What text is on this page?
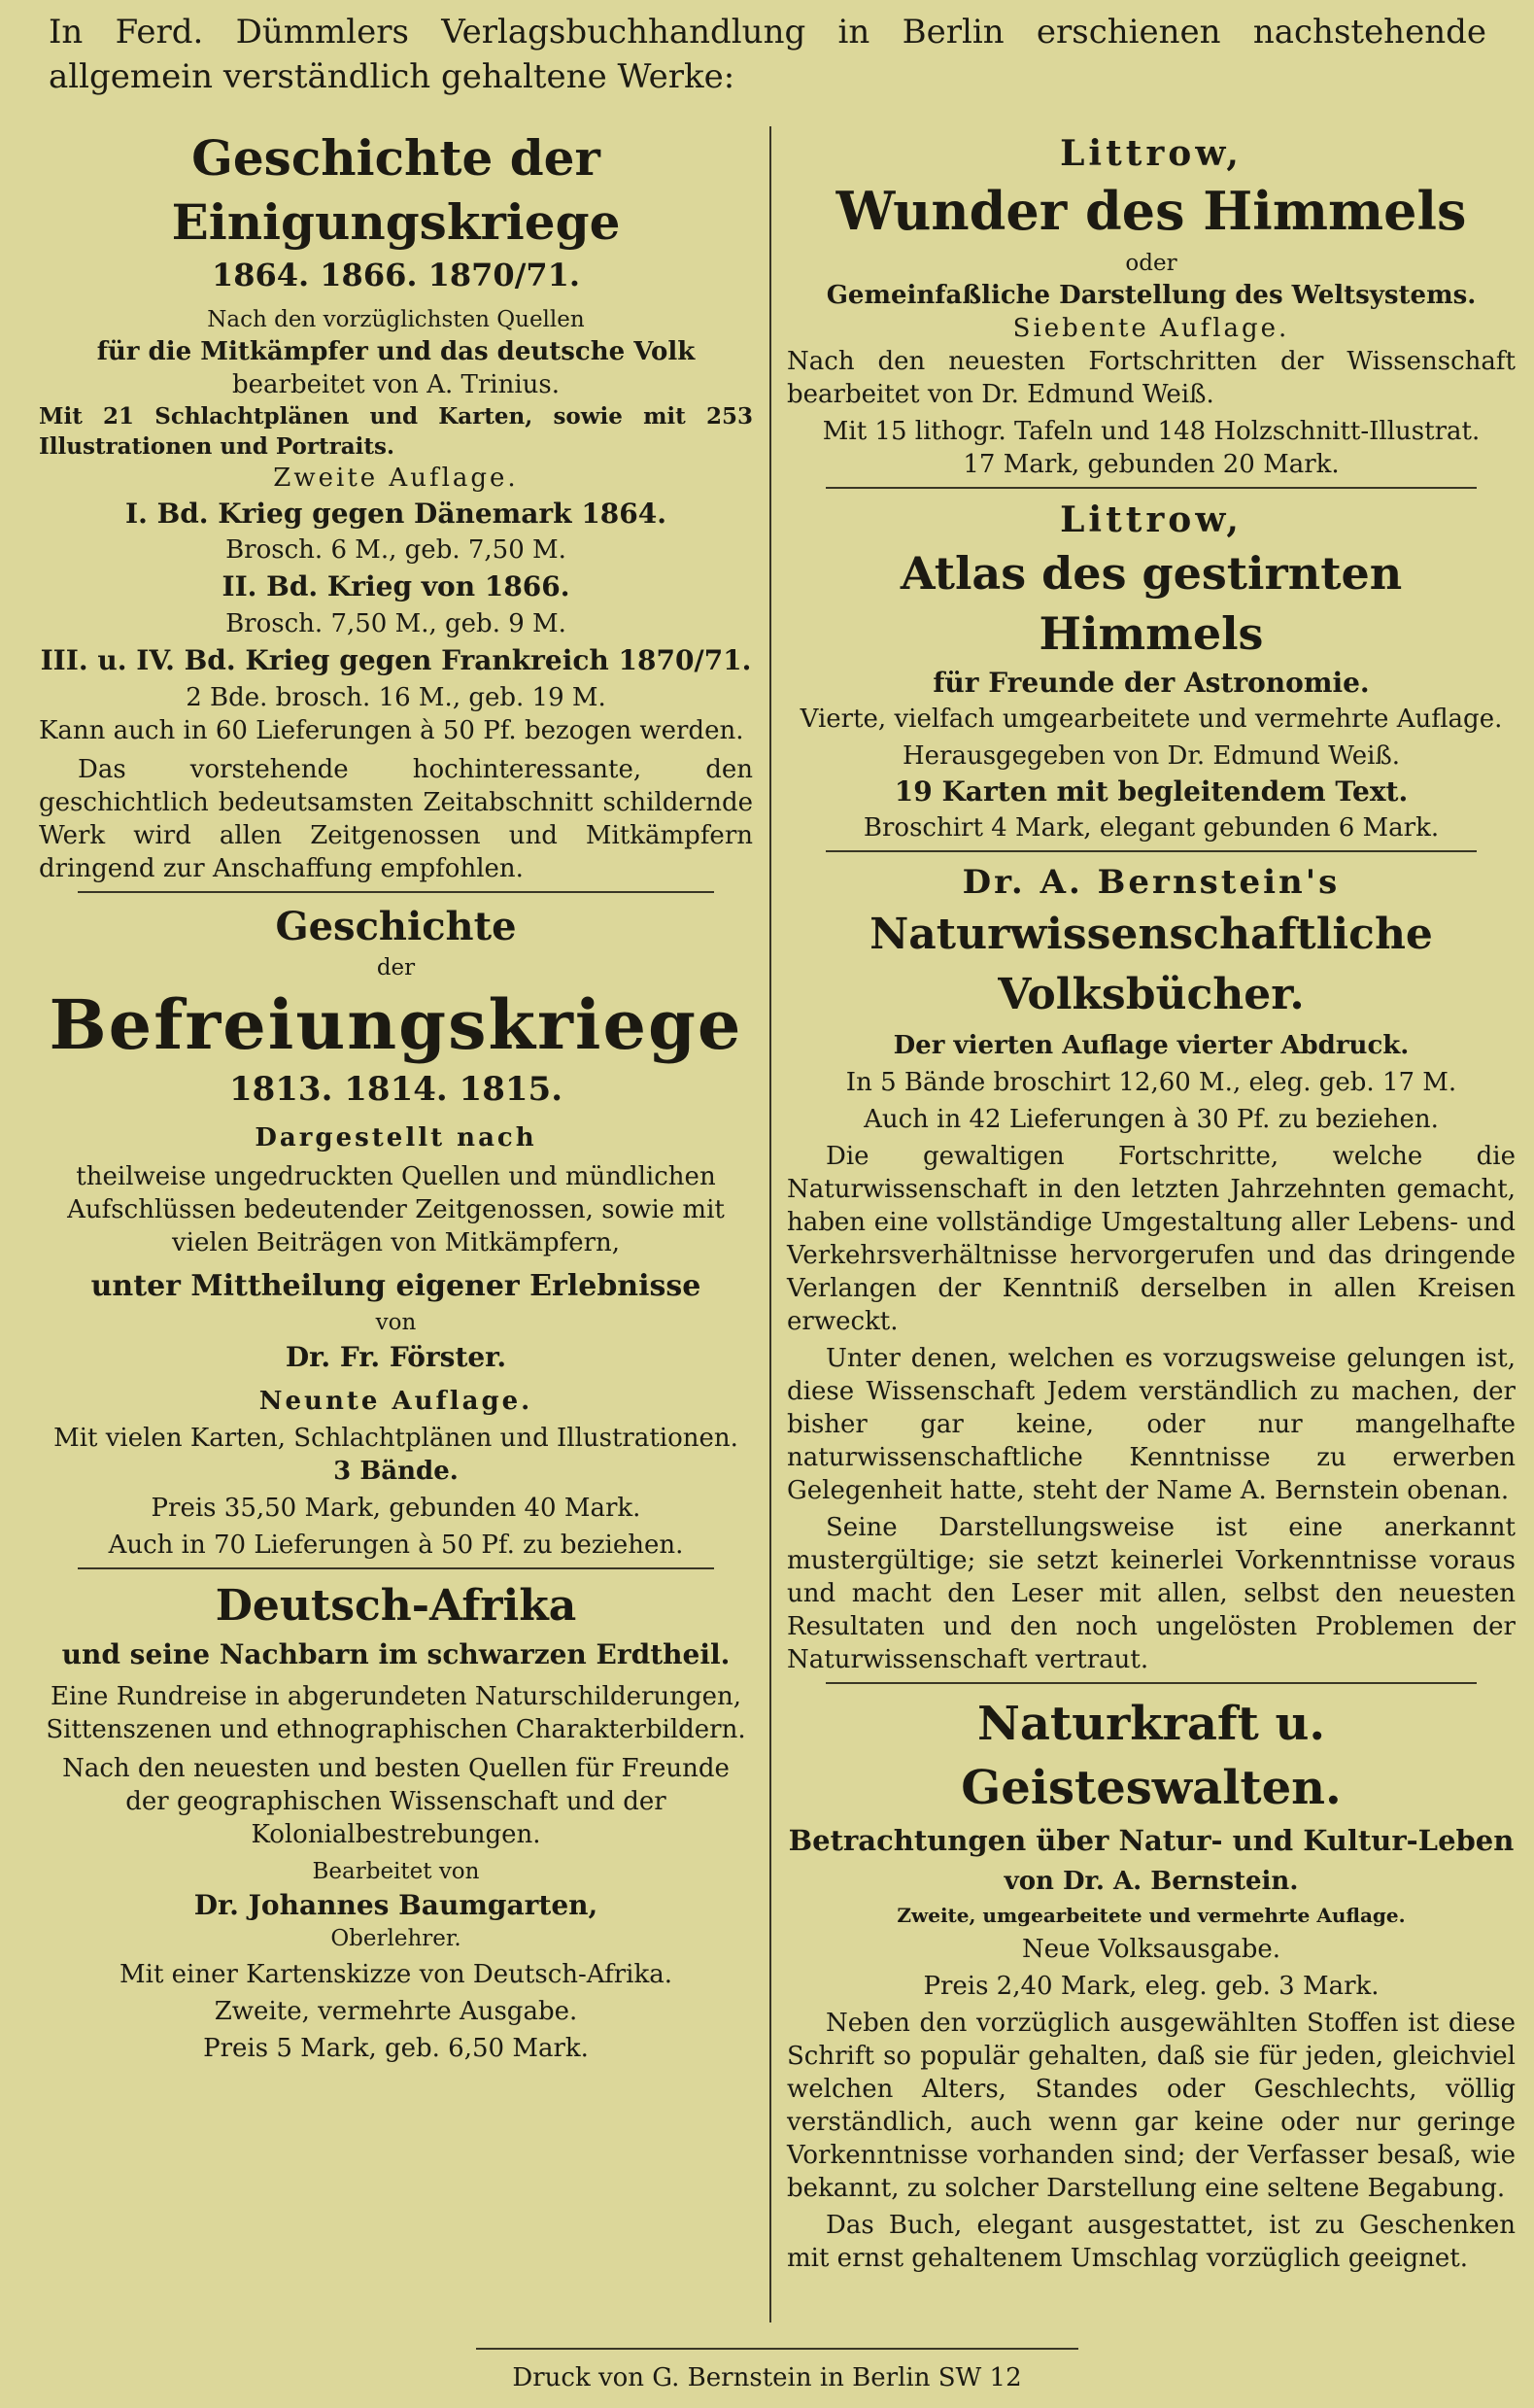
In Ferd. Dümmlers Verlagsbuchhandlung in Berlin erschienen nachstehende allgemein verständlich gehaltene Werke:
Geschichte der Einigungskriege
1864. 1866. 1870/71.
Nach den vorzüglichsten Quellen
für die Mitkämpfer und das deutsche Volk
bearbeitet von A. Trinius.
Mit 21 Schlachtplänen und Karten, sowie mit 253 Illustrationen und Portraits.
Zweite Auflage.
I. Bd. Krieg gegen Dänemark 1864.
Brosch. 6 M., geb. 7,50 M.
II. Bd. Krieg von 1866.
Brosch. 7,50 M., geb. 9 M.
III. u. IV. Bd. Krieg gegen Frankreich 1870/71.
2 Bde. brosch. 16 M., geb. 19 M.
Kann auch in 60 Lieferungen à 50 Pf. bezogen werden.
Das vorstehende hochinteressante, den geschichtlich bedeutsamsten Zeitabschnitt schildernde Werk wird allen Zeitgenossen und Mitkämpfern dringend zur Anschaffung empfohlen.
Geschichte
der
Befreiungskriege
1813. 1814. 1815.
Dargestellt nach
theilweise ungedruckten Quellen und mündlichen Aufschlüssen bedeutender Zeitgenossen, sowie mit vielen Beiträgen von Mitkämpfern,
unter Mittheilung eigener Erlebnisse
von
Dr. Fr. Förster.
Neunte Auflage.
Mit vielen Karten, Schlachtplänen und Illustrationen.
3 Bände.
Preis 35,50 Mark, gebunden 40 Mark.
Auch in 70 Lieferungen à 50 Pf. zu beziehen.
Deutsch-Afrika
und seine Nachbarn im schwarzen Erdtheil.
Eine Rundreise in abgerundeten Naturschilderungen, Sittenszenen und ethnographischen Charakterbildern.
Nach den neuesten und besten Quellen für Freunde der geographischen Wissenschaft und der Kolonialbestrebungen.
Bearbeitet von
Dr. Johannes Baumgarten,
Oberlehrer.
Mit einer Kartenskizze von Deutsch-Afrika.
Zweite, vermehrte Ausgabe.
Preis 5 Mark, geb. 6,50 Mark.
Littrow,
Wunder des Himmels
oder
Gemeinfaßliche Darstellung des Weltsystems.
Siebente Auflage.
Nach den neuesten Fortschritten der Wissenschaft bearbeitet von Dr. Edmund Weiß.
Mit 15 lithogr. Tafeln und 148 Holzschnitt-Illustrat.
17 Mark, gebunden 20 Mark.
Littrow,
Atlas des gestirnten Himmels
für Freunde der Astronomie.
Vierte, vielfach umgearbeitete und vermehrte Auflage.
Herausgegeben von Dr. Edmund Weiß.
19 Karten mit begleitendem Text.
Broschirt 4 Mark, elegant gebunden 6 Mark.
Dr. A. Bernstein's
Naturwissenschaftliche Volksbücher.
Der vierten Auflage vierter Abdruck.
In 5 Bände broschirt 12,60 M., eleg. geb. 17 M.
Auch in 42 Lieferungen à 30 Pf. zu beziehen.
Die gewaltigen Fortschritte, welche die Naturwissenschaft in den letzten Jahrzehnten gemacht, haben eine vollständige Umgestaltung aller Lebens- und Verkehrsverhältnisse hervorgerufen und das dringende Verlangen der Kenntniß derselben in allen Kreisen erweckt.
Unter denen, welchen es vorzugsweise gelungen ist, diese Wissenschaft Jedem verständlich zu machen, der bisher gar keine, oder nur mangelhafte naturwissenschaftliche Kenntnisse zu erwerben Gelegenheit hatte, steht der Name A. Bernstein obenan.
Seine Darstellungsweise ist eine anerkannt mustergültige; sie setzt keinerlei Vorkenntnisse voraus und macht den Leser mit allen, selbst den neuesten Resultaten und den noch ungelösten Problemen der Naturwissenschaft vertraut.
Naturkraft u. Geisteswalten.
Betrachtungen über Natur- und Kultur-Leben
von Dr. A. Bernstein.
Zweite, umgearbeitete und vermehrte Auflage.
Neue Volksausgabe.
Preis 2,40 Mark, eleg. geb. 3 Mark.
Neben den vorzüglich ausgewählten Stoffen ist diese Schrift so populär gehalten, daß sie für jeden, gleichviel welchen Alters, Standes oder Geschlechts, völlig verständlich, auch wenn gar keine oder nur geringe Vorkenntnisse vorhanden sind; der Verfasser besaß, wie bekannt, zu solcher Darstellung eine seltene Begabung.
Das Buch, elegant ausgestattet, ist zu Geschenken mit ernst gehaltenem Umschlag vorzüglich geeignet.
Druck von G. Bernstein in Berlin SW 12
